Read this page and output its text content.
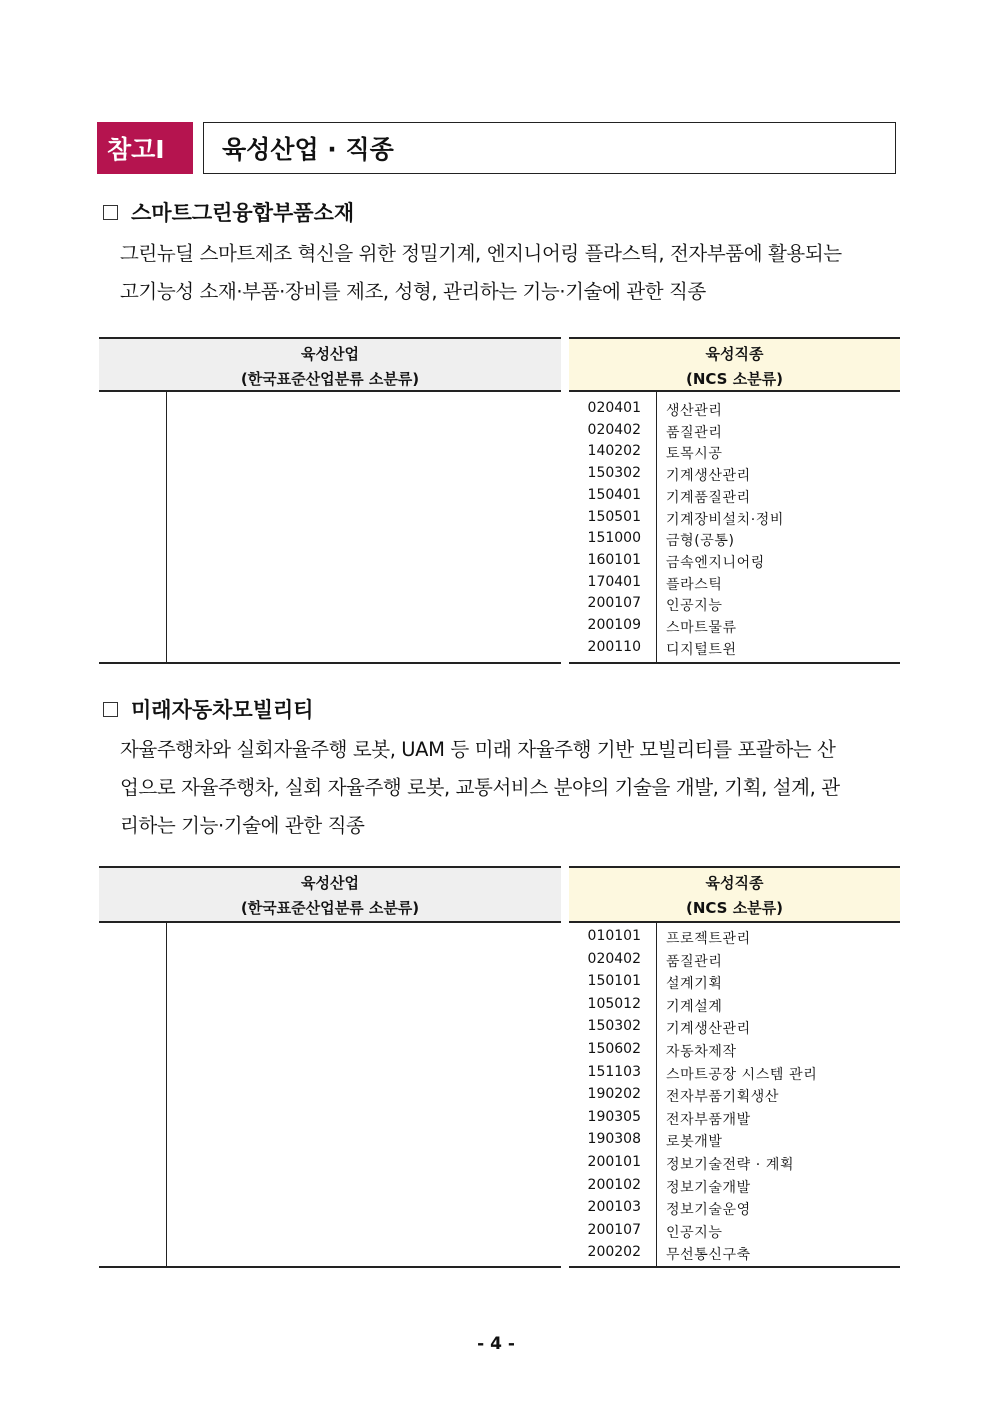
참고Ⅰ	육성산업 · 직종
스마트그린융합부품소재
그린뉴딜 스마트제조 혁신을 위한 정밀기계, 엔지니어링 플라스틱, 전자부품에 활용되는
고기능성 소재·부품·장비를 제조, 성형, 관리하는 기능·기술에 관한 직종
육성산업
(한국표준산업분류 소분류)
육성직종
(NCS 소분류)
020401 생산관리
020402 품질관리
140202 토목시공
150302 기계생산관리
150401 기계품질관리
150501 기계장비설치·정비
151000 금형(공통)
160101 금속엔지니어링
170401 플라스틱
200107 인공지능
200109 스마트물류
200110 디지털트윈
미래자동차모빌리티
자율주행차와 실회자율주행 로봇, UAM 등 미래 자율주행 기반 모빌리티를 포괄하는 산
업으로 자율주행차, 실회 자율주행 로봇, 교통서비스 분야의 기술을 개발, 기획, 설계, 관
리하는 기능·기술에 관한 직종
육성산업
(한국표준산업분류 소분류)
육성직종
(NCS 소분류)
010101 프로젝트관리
020402 품질관리
150101 설계기획
105012 기계설계
150302 기계생산관리
150602 자동차제작
151103 스마트공장 시스템 관리
190202 전자부품기획생산
190305 전자부품개발
190308 로봇개발
200101 정보기술전략 · 계획
200102 정보기술개발
200103 정보기술운영
200107 인공지능
200202 무선통신구축
- 4 -
